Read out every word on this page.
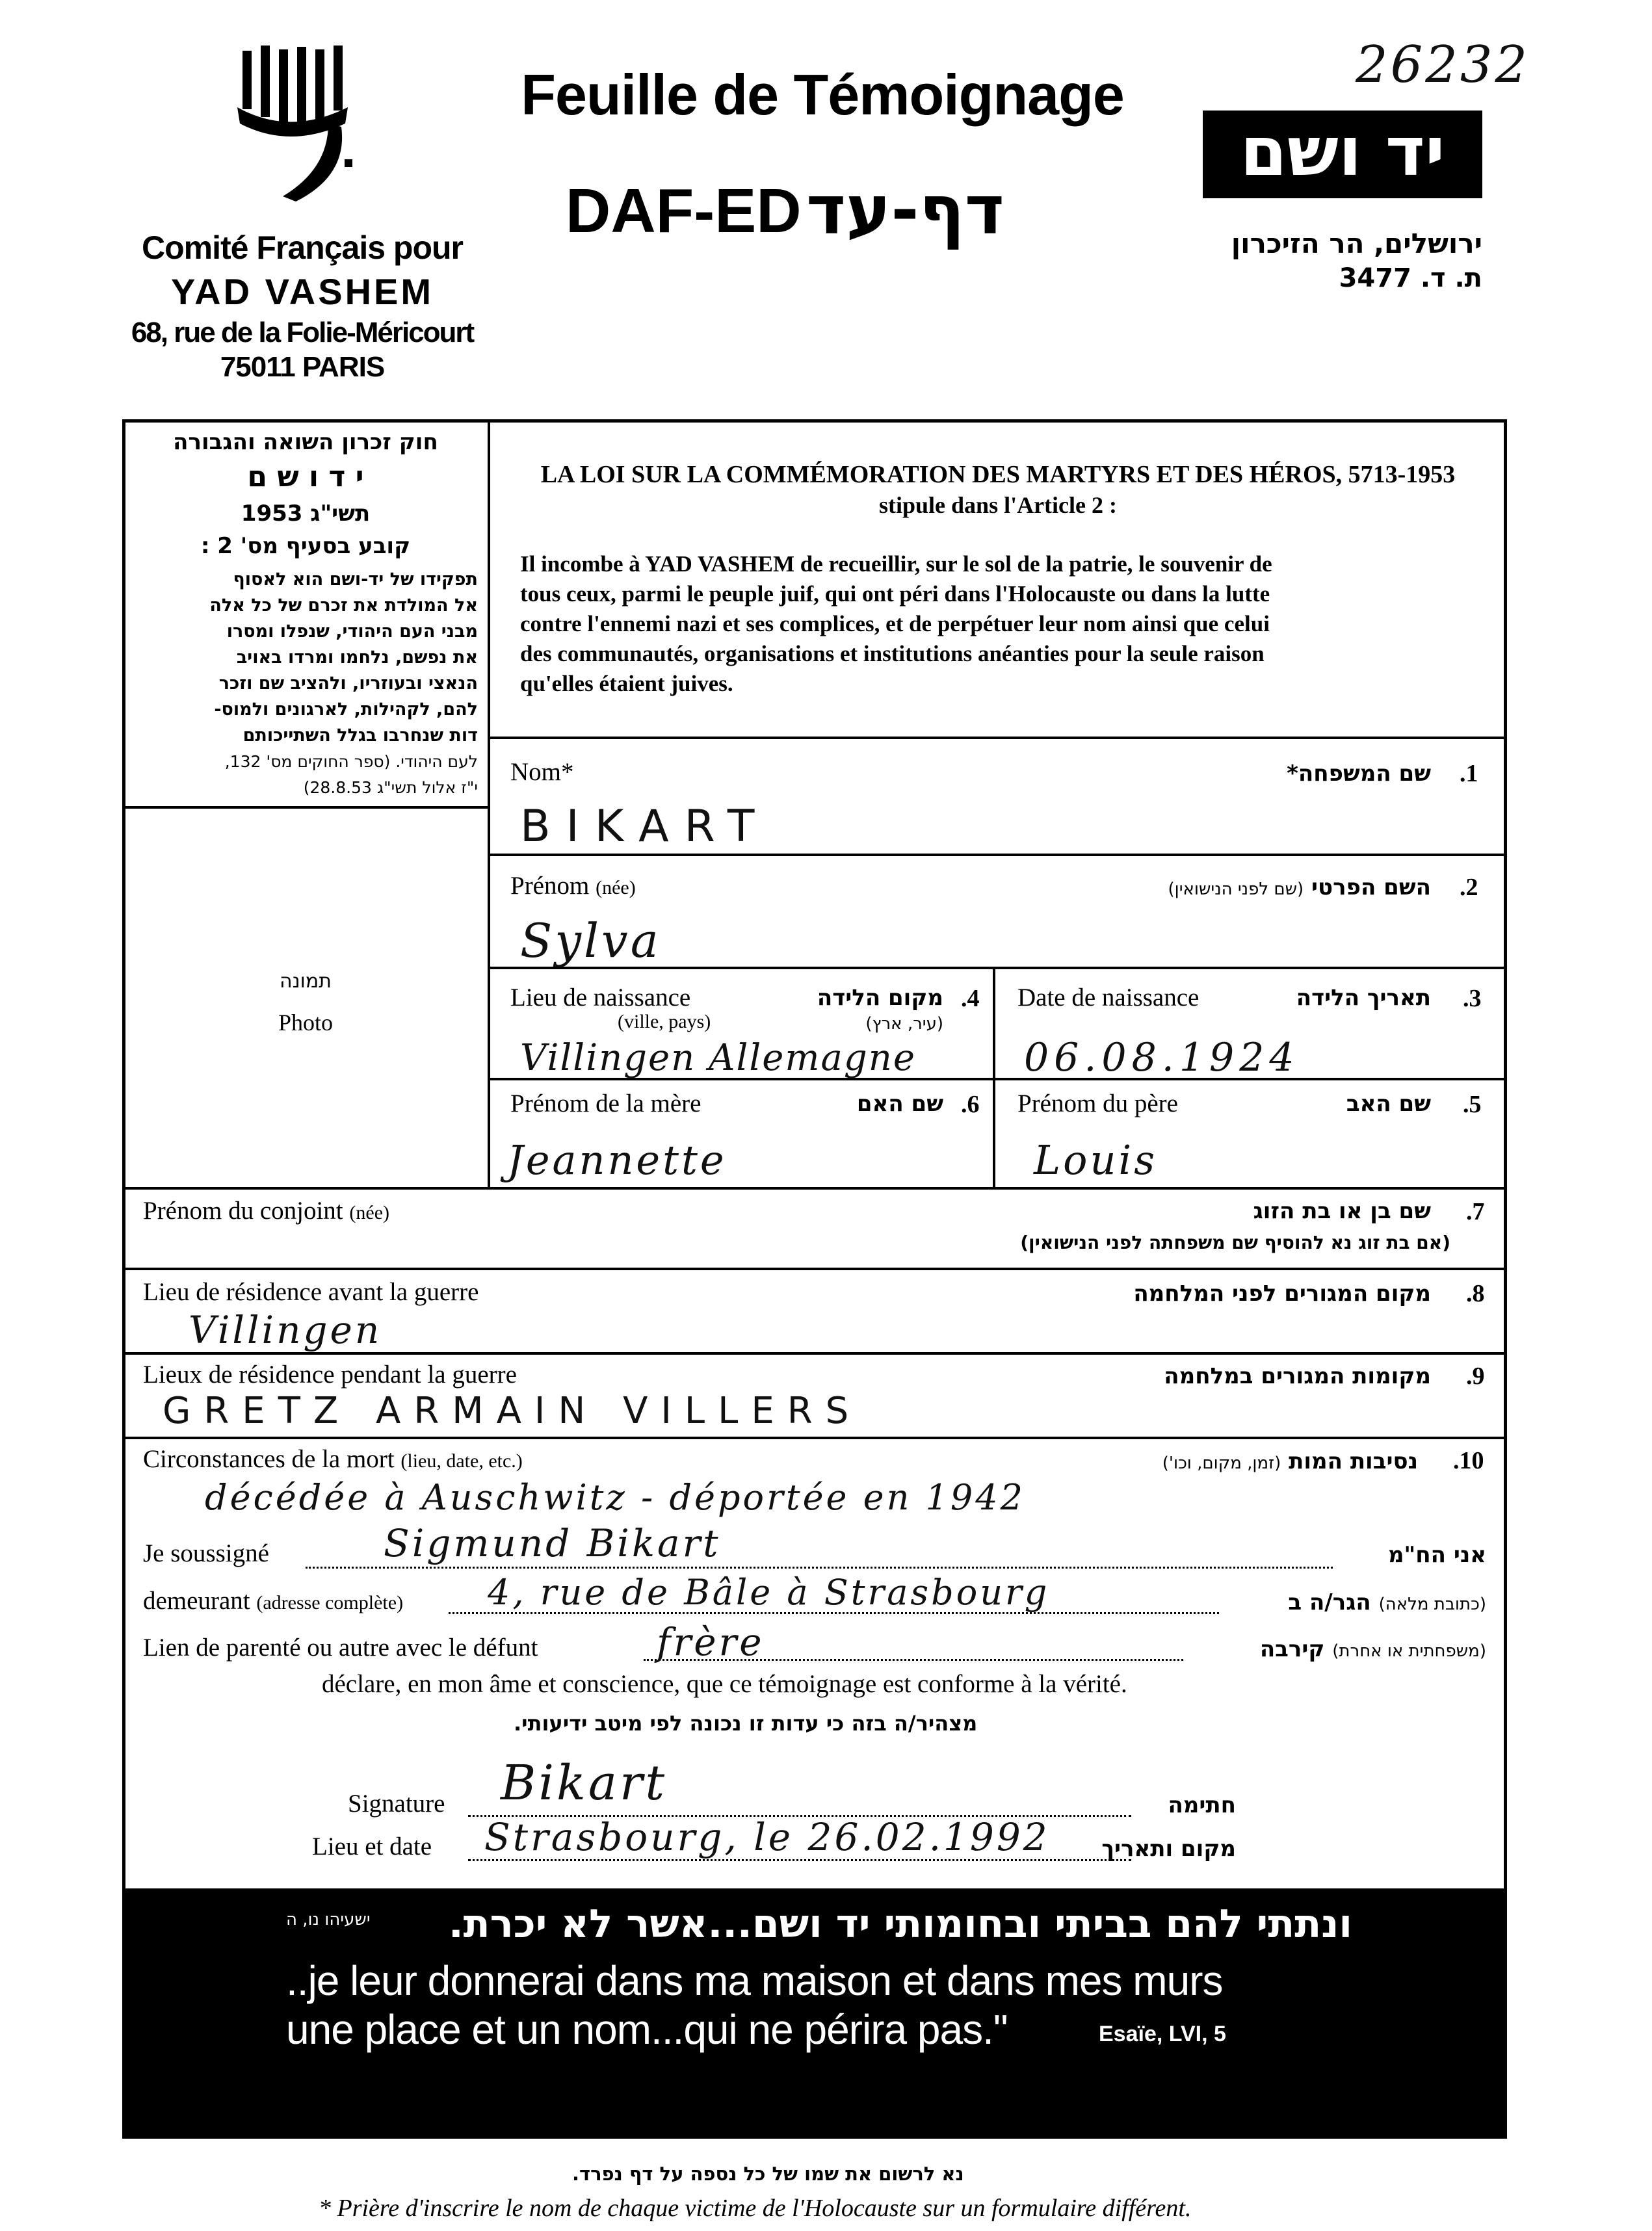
26232
Comité Français pour
YAD VASHEM
68, rue de la Folie-Méricourt
75011 PARIS
Feuille de Témoignage
DAF-ED דף-עד
יד ושם
ירושלים, הר הזיכרון
ת. ד. 3477
חוק זכרון השואה והגבורה
י ד ו ש ם
תשי"ג 1953
קובע בסעיף מס' 2 :
תפקידו של יד-ושם הוא לאסוף
אל המולדת את זכרם של כל אלה
מבני העם היהודי, שנפלו ומסרו
את נפשם, נלחמו ומרדו באויב
הנאצי ובעוזריו, ולהציב שם וזכר
להם, לקהילות, לארגונים ולמוס-
דות שנחרבו בגלל השתייכותם
לעם היהודי. (ספר החוקים מס' 132,
י"ז אלול תשי"ג 28.8.53)
LA LOI SUR LA COMMÉMORATION DES MARTYRS ET DES HÉROS, 5713-1953
stipule dans l'Article 2 :
Il incombe à YAD VASHEM de recueillir, sur le sol de la patrie, le souvenir de
tous ceux, parmi le peuple juif, qui ont péri dans l'Holocauste ou dans la lutte
contre l'ennemi nazi et ses complices, et de perpétuer leur nom ainsi que celui
des communautés, organisations et institutions anéanties pour la seule raison
qu'elles étaient juives.
תמונה
Photo
Nom*	שם המשפחה* .1
BIKART
Prénom (née)	השם הפרטי (שם לפני הנישואין)	.2
Sylva
Lieu de naissance
(ville, pays)
מקום הלידה
(עיר, ארץ)
.4
Villingen Allemagne
Date de naissance	תאריך הלידה .3
06.08.1924
Prénom de la mère	שם האם .6
Jeannette
Prénom du père	שם האב .5
Louis
Prénom du conjoint (née)	שם בן או בת הזוג
(אם בת זוג נא להוסיף שם משפחתה לפני הנישואין)
.7
Lieu de résidence avant la guerre	מקום המגורים לפני המלחמה .8
Villingen
Lieux de résidence pendant la guerre	מקומות המגורים במלחמה .9
GRETZ ARMAIN VILLERS
Circonstances de la mort (lieu, date, etc.)	נסיבות המות (זמן, מקום, וכו')	.10
décédée à Auschwitz - déportée en 1942
Je soussigné	Sigmund Bikart	אני הח"מ
demeurant (adresse complète) 4, rue de Bâle à Strasbourg	(כתובת מלאה) הגר/ה ב
Lien de parenté ou autre avec le défunt	frère	(משפחתית או אחרת) קירבה
déclare, en mon âme et conscience, que ce témoignage est conforme à la vérité.
מצהיר/ה בזה כי עדות זו נכונה לפי מיטב ידיעותי.
Signature Bikart	חתימה
Lieu et date Strasbourg, le 26.02.1992 מקום ותאריך
ישעיהו נו, ה	ונתתי להם בביתי ובחומותי יד ושם...אשר לא יכרת.
..je leur donnerai dans ma maison et dans mes murs
une place et un nom...qui ne périra pas."	Esaïe, LVI, 5
נא לרשום את שמו של כל נספה על דף נפרד.
* Prière d'inscrire le nom de chaque victime de l'Holocauste sur un formulaire différent.
